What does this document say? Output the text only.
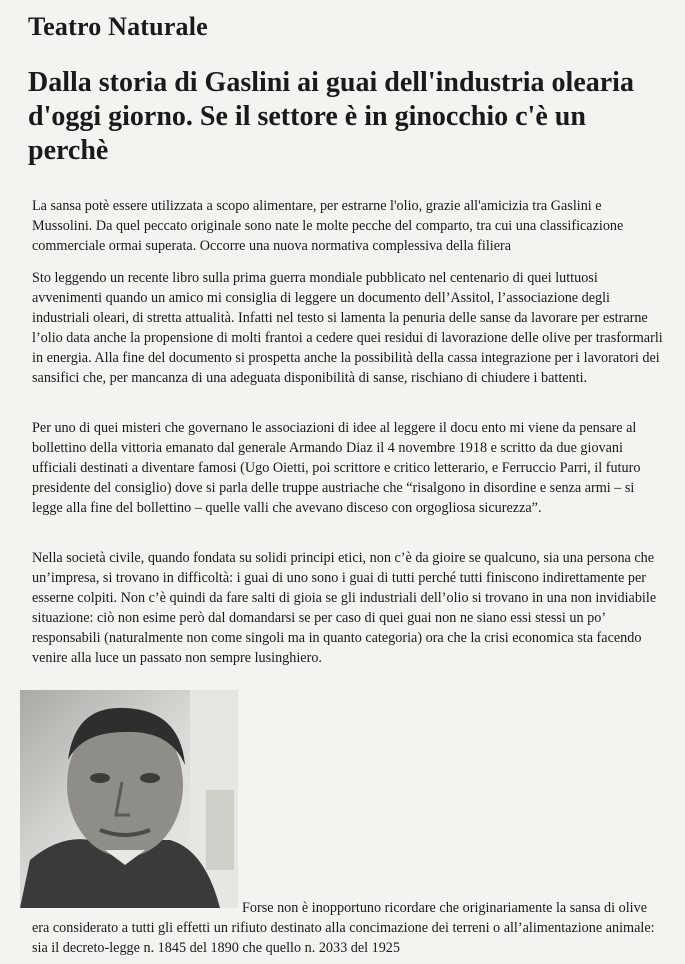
Teatro Naturale
Dalla storia di Gaslini ai guai dell'industria olearia d'oggi giorno. Se il settore è in ginocchio c'è un perchè

La sansa potè essere utilizzata a scopo alimentare, per estrarne l'olio, grazie all'amicizia tra Gaslini e Mussolini. Da quel peccato originale sono nate le molte pecche del comparto, tra cui una classificazione commerciale ormai superata. Occorre una nuova normativa complessiva della filiera

Sto leggendo un recente libro sulla prima guerra mondiale pubblicato nel centenario di quei luttuosi avvenimenti quando un amico mi consiglia di leggere un documento dell’Assitol, l’associazione degli industriali oleari, di stretta attualità. Infatti nel testo si lamenta la penuria delle sanse da lavorare per estrarne l’olio data anche la propensione di molti frantoi a cedere quei residui di lavorazione delle olive per trasformarli in energia. Alla fine del documento si prospetta anche la possibilità della cassa integrazione per i lavoratori dei sansifici che, per mancanza di una adeguata disponibilità di sanse, rischiano di chiudere i battenti.

Per uno di quei misteri che governano le associazioni di idee al leggere il docu ento mi viene da pensare al bollettino della vittoria emanato dal generale Armando Diaz il 4 novembre 1918 e scritto da due giovani ufficiali destinati a diventare famosi (Ugo Oietti, poi scrittore e critico letterario, e Ferruccio Parri, il futuro presidente del consiglio) dove si parla delle truppe austriache che “risalgono in disordine e senza armi – si legge alla fine del bollettino – quelle valli che avevano disceso con orgogliosa sicurezza”.

Nella società civile, quando fondata su solidi principi etici, non c’è da gioire se qualcuno, sia una persona che un’impresa, si trovano in difficoltà: i guai di uno sono i guai di tutti perché tutti finiscono indirettamente per esserne colpiti. Non c’è quindi da fare salti di gioia se gli industriali dell’olio si trovano in una non invidiabile situazione: ciò non esime però dal domandarsi se per caso di quei guai non ne siano essi stessi un po’ responsabili (naturalmente non come singoli ma in quanto categoria) ora che la crisi economica sta facendo venire alla luce un passato non sempre lusinghiero.

Forse non è inopportuno ricordare che originariamente la sansa di olive era considerato a tutti gli effetti un rifiuto destinato alla concimazione dei terreni o all’alimentazione animale: sia il decreto-legge n. 1845 del 1890 che quello n. 2033 del 1925
